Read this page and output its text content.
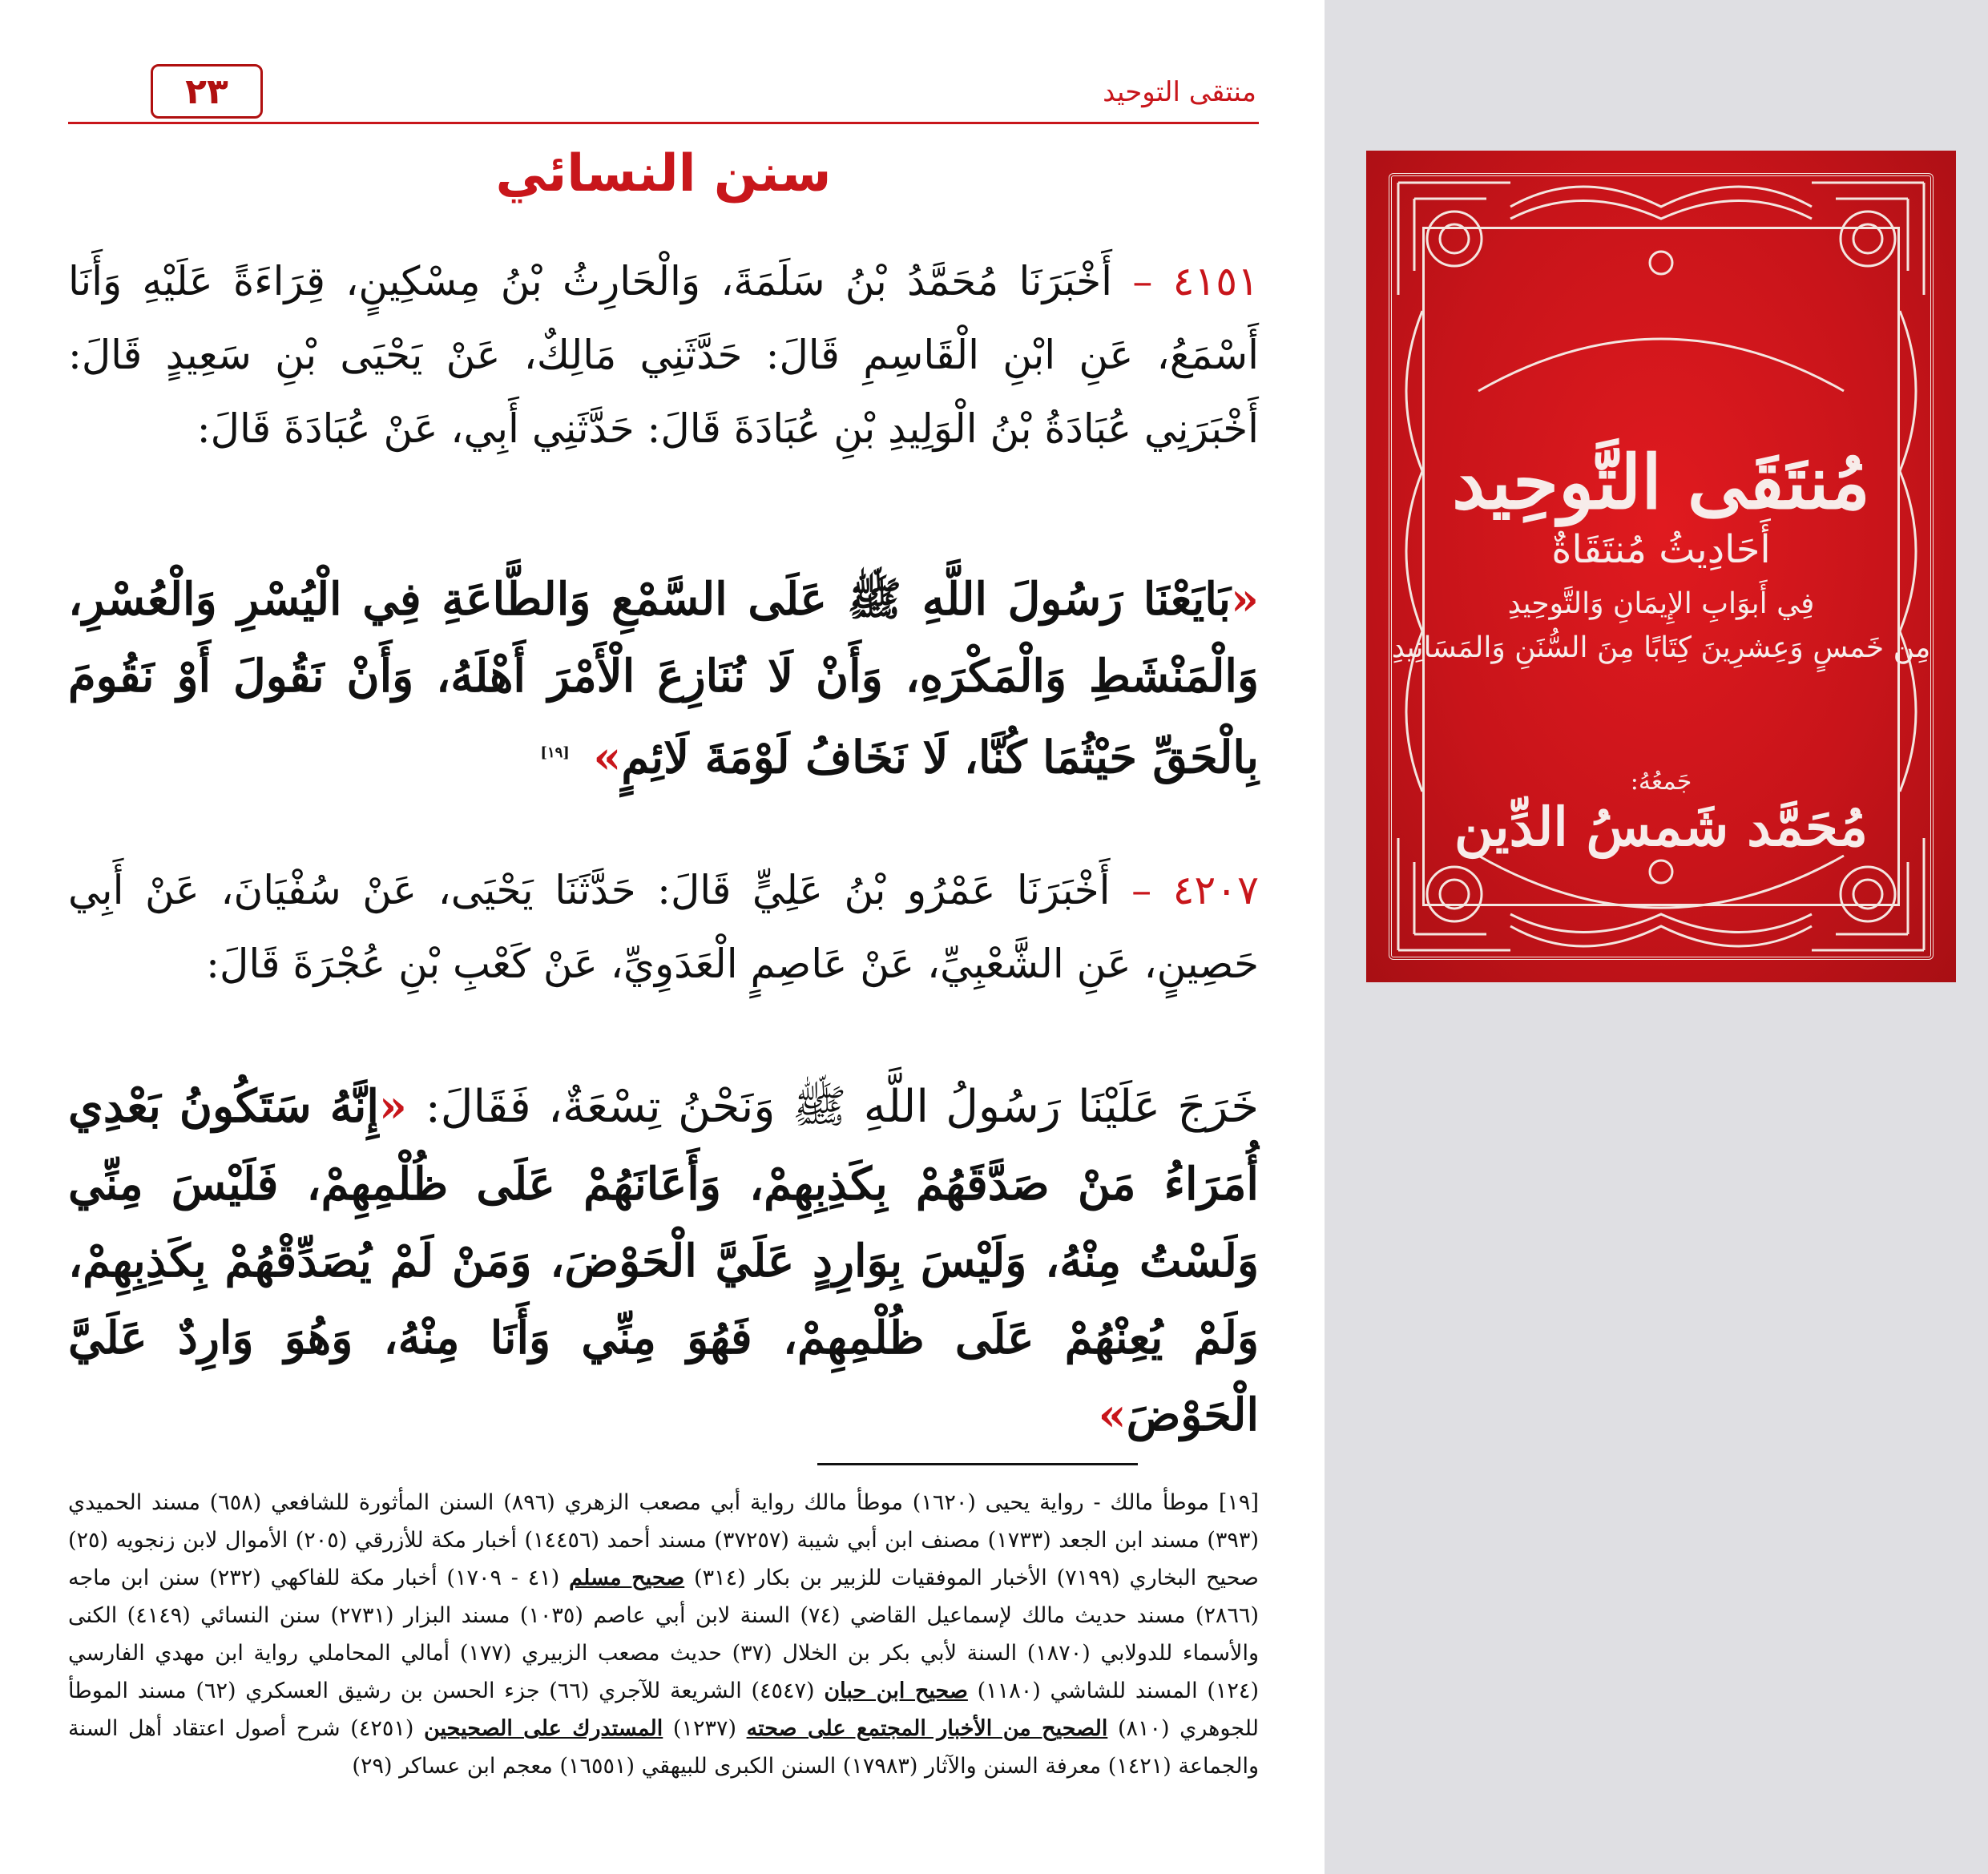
٢٣	منتقى التوحيد
سنن النسائي
٤١٥١ – أَخْبَرَنَا مُحَمَّدُ بْنُ سَلَمَةَ، وَالْحَارِثُ بْنُ مِسْكِينٍ، قِرَاءَةً عَلَيْهِ وَأَنَا أَسْمَعُ، عَنِ ابْنِ الْقَاسِمِ قَالَ: حَدَّثَنِي مَالِكٌ، عَنْ يَحْيَى بْنِ سَعِيدٍ قَالَ: أَخْبَرَنِي عُبَادَةُ بْنُ الْوَلِيدِ بْنِ عُبَادَةَ قَالَ: حَدَّثَنِي أَبِي، عَنْ عُبَادَةَ قَالَ:
«بَايَعْنَا رَسُولَ اللَّهِ ﷺ عَلَى السَّمْعِ وَالطَّاعَةِ فِي الْيُسْرِ وَالْعُسْرِ، وَالْمَنْشَطِ وَالْمَكْرَهِ، وَأَنْ لَا نُنَازِعَ الْأَمْرَ أَهْلَهُ، وَأَنْ نَقُولَ أَوْ نَقُومَ بِالْحَقِّ حَيْثُمَا كُنَّا، لَا نَخَافُ لَوْمَةَ لَائِمٍ» [١٩]
٤٢٠٧ – أَخْبَرَنَا عَمْرُو بْنُ عَلِيٍّ قَالَ: حَدَّثَنَا يَحْيَى، عَنْ سُفْيَانَ، عَنْ أَبِي حَصِينٍ، عَنِ الشَّعْبِيِّ، عَنْ عَاصِمٍ الْعَدَوِيِّ، عَنْ كَعْبِ بْنِ عُجْرَةَ قَالَ:
خَرَجَ عَلَيْنَا رَسُولُ اللَّهِ ﷺ وَنَحْنُ تِسْعَةٌ، فَقَالَ: «إِنَّهُ سَتَكُونُ بَعْدِي أُمَرَاءُ مَنْ صَدَّقَهُمْ بِكَذِبِهِمْ، وَأَعَانَهُمْ عَلَى ظُلْمِهِمْ، فَلَيْسَ مِنِّي وَلَسْتُ مِنْهُ، وَلَيْسَ بِوَارِدٍ عَلَيَّ الْحَوْضَ، وَمَنْ لَمْ يُصَدِّقْهُمْ بِكَذِبِهِمْ، وَلَمْ يُعِنْهُمْ عَلَى ظُلْمِهِمْ، فَهُوَ مِنِّي وَأَنَا مِنْهُ، وَهُوَ وَارِدٌ عَلَيَّ الْحَوْضَ»
[١٩] موطأ مالك - رواية يحيى (١٦٢٠) موطأ مالك رواية أبي مصعب الزهري (٨٩٦) السنن المأثورة للشافعي (٦٥٨) مسند الحميدي (٣٩٣) مسند ابن الجعد (١٧٣٣) مصنف ابن أبي شيبة (٣٧٢٥٧) مسند أحمد (١٤٤٥٦) أخبار مكة للأزرقي (٢٠٥) الأموال لابن زنجويه (٢٥) صحيح البخاري (٧١٩٩) الأخبار الموفقيات للزبير بن بكار (٣١٤) صحيح مسلم (٤١ - ١٧٠٩) أخبار مكة للفاكهي (٢٣٢) سنن ابن ماجه (٢٨٦٦) مسند حديث مالك لإسماعيل القاضي (٧٤) السنة لابن أبي عاصم (١٠٣٥) مسند البزار (٢٧٣١) سنن النسائي (٤١٤٩) الكنى والأسماء للدولابي (١٨٧٠) السنة لأبي بكر بن الخلال (٣٧) حديث مصعب الزبيري (١٧٧) أمالي المحاملي رواية ابن مهدي الفارسي (١٢٤) المسند للشاشي (١١٨٠) صحيح ابن حبان (٤٥٤٧) الشريعة للآجري (٦٦) جزء الحسن بن رشيق العسكري (٦٢) مسند الموطأ للجوهري (٨١٠) الصحيح من الأخبار المجتمع على صحته (١٢٣٧) المستدرك على الصحيحين (٤٢٥١) شرح أصول اعتقاد أهل السنة والجماعة (١٤٢١) معرفة السنن والآثار (١٧٩٨٣) السنن الكبرى للبيهقي (١٦٥٥١) معجم ابن عساكر (٢٩)
مُنتَقَى التَّوحِيد
أَحَادِيثُ مُنتَقَاةٌ
فِي أَبوَابِ الإِيمَانِ وَالتَّوحِيدِ
مِن خَمسٍ وَعِشرِينَ كِتَابًا مِنَ السُّنَنِ وَالمَسَانِيدِ
جَمعُهُ:
مُحَمَّد شَمسُ الدِّين
